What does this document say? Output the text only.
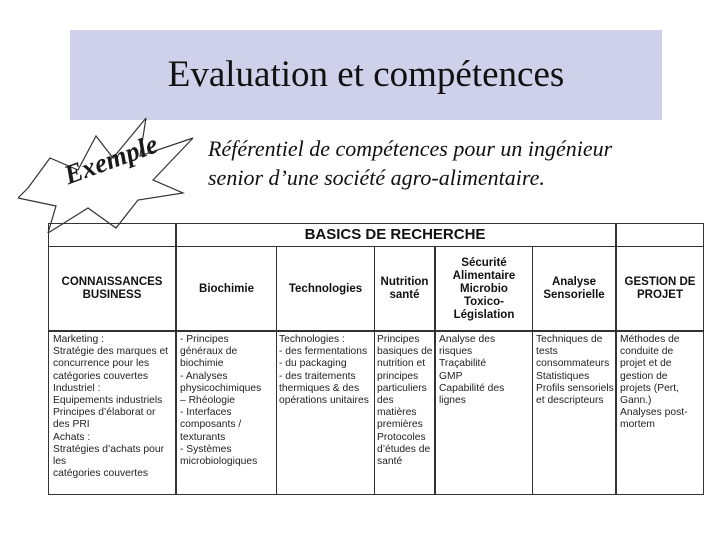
Evaluation et compétences
Exemple Référentiel de compétences pour un ingénieur
senior d’une société agro-alimentaire.
BASICS DE RECHERCHE
CONNAISSANCES
BUSINESS
Biochimie	Technologies
Nutrition
santé
Sécurité
Alimentaire
Microbio
Toxico-
Législation
Analyse
Sensorielle
GESTION DE
PROJET
Marketing :
Stratégie des marques et
concurrence pour les
catégories couvertes
Industriel :
Equipements industriels
Principes d’élaborat or
des PRI
Achats :
Stratégies d’achats pour les
catégories couvertes
- Principes
généraux de
biochimie
- Analyses
physicochimiques
– Rhéologie
- Interfaces
composants /
texturants
- Systèmes
microbiologiques
Technologies :
- des fermentations
- du packaging
- des traitements
thermiques & des
opérations unitaires
Principes
basiques de
nutrition et
principes
particuliers
des matières
premières
Protocoles
d’études de
santé
Analyse des
risques
Traçabilité
GMP
Capabilité des
lignes
Techniques de
tests
consommateurs
Statistiques
Profils sensoriels
et descripteurs
Méthodes de
conduite de
projet et de
gestion de
projets (Pert,
Gann.)
Analyses post-
mortem
